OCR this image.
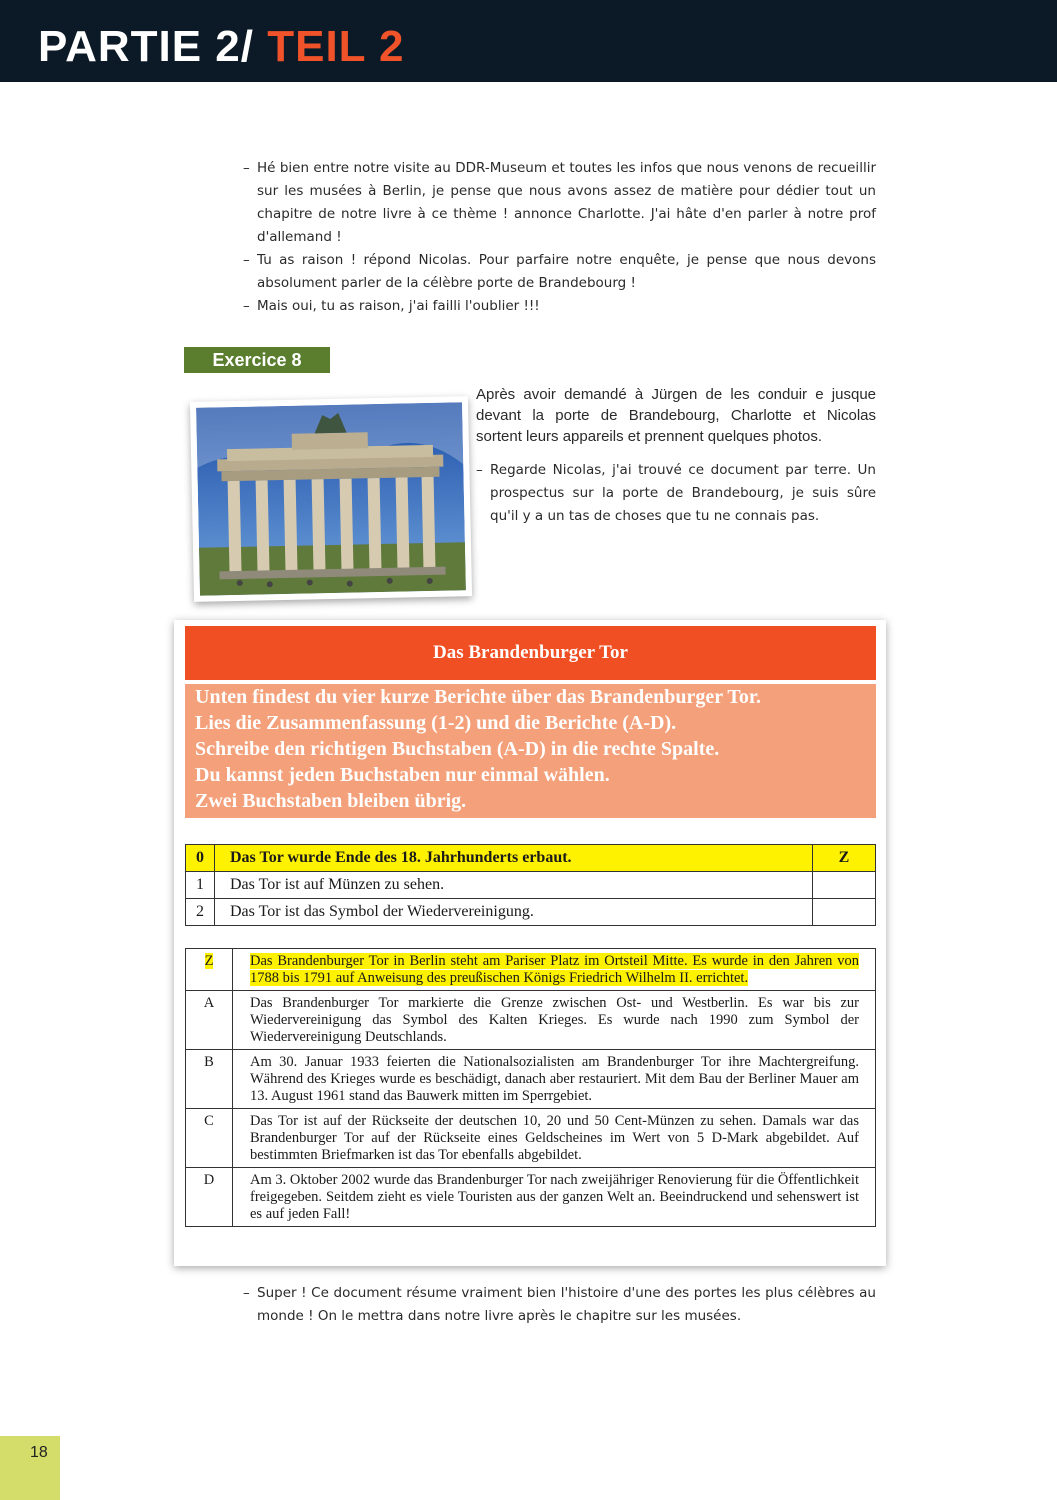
PARTIE 2/ TEIL 2
– Hé bien entre notre visite au DDR-Museum et toutes les infos que nous venons de recueillir sur les musées à Berlin, je pense que nous avons assez de matière pour dédier tout un chapitre de notre livre à ce thème ! annonce Charlotte. J'ai hâte d'en parler à notre prof d'allemand !
– Tu as raison ! répond Nicolas. Pour parfaire notre enquête, je pense que nous devons absolument parler de la célèbre porte de Brandebourg !
– Mais oui, tu as raison, j'ai failli l'oublier !!!
Exercice 8

Après avoir demandé à Jürgen de les conduir e jusque devant la porte de Brandebourg, Charlotte et Nicolas sortent leurs appareils et prennent quelques photos.

– Regarde Nicolas, j'ai trouvé ce document par terre. Un prospectus sur la porte de Brandebourg, je suis sûre qu'il y a un tas de choses que tu ne connais pas.
Das Brandenburger Tor
Unten findest du vier kurze Berichte über das Brandenburger Tor.
Lies die Zusammenfassung (1-2) und die Berichte (A-D).
Schreibe den richtigen Buchstaben (A-D) in die rechte Spalte.
Du kannst jeden Buchstaben nur einmal wählen.
Zwei Buchstaben bleiben übrig.
0	Das Tor wurde Ende des 18. Jahrhunderts erbaut.	Z
1	Das Tor ist auf Münzen zu sehen.	
2	Das Tor ist das Symbol der Wiedervereinigung.	
Z	Das Brandenburger Tor in Berlin steht am Pariser Platz im Ortsteil Mitte. Es wurde in den Jahren von 1788 bis 1791 auf Anweisung des preußischen Königs Friedrich Wilhelm II. errichtet.
A	Das Brandenburger Tor markierte die Grenze zwischen Ost- und Westberlin. Es war bis zur Wiedervereinigung das Symbol des Kalten Krieges. Es wurde nach 1990 zum Symbol der Wiedervereinigung Deutschlands.
B	Am 30. Januar 1933 feierten die Nationalsozialisten am Brandenburger Tor ihre Machtergreifung. Während des Krieges wurde es beschädigt, danach aber restauriert. Mit dem Bau der Berliner Mauer am 13. August 1961 stand das Bauwerk mitten im Sperrgebiet.
C	Das Tor ist auf der Rückseite der deutschen 10, 20 und 50 Cent-Münzen zu sehen. Damals war das Brandenburger Tor auf der Rückseite eines Geldscheines im Wert von 5 D-Mark abgebildet. Auf bestimmten Briefmarken ist das Tor ebenfalls abgebildet.
D	Am 3. Oktober 2002 wurde das Brandenburger Tor nach zweijähriger Renovierung für die Öffentlichkeit freigegeben. Seitdem zieht es viele Touristen aus der ganzen Welt an. Beeindruckend und sehenswert ist es auf jeden Fall!
– Super ! Ce document résume vraiment bien l'histoire d'une des portes les plus célèbres au monde ! On le mettra dans notre livre après le chapitre sur les musées.
18
